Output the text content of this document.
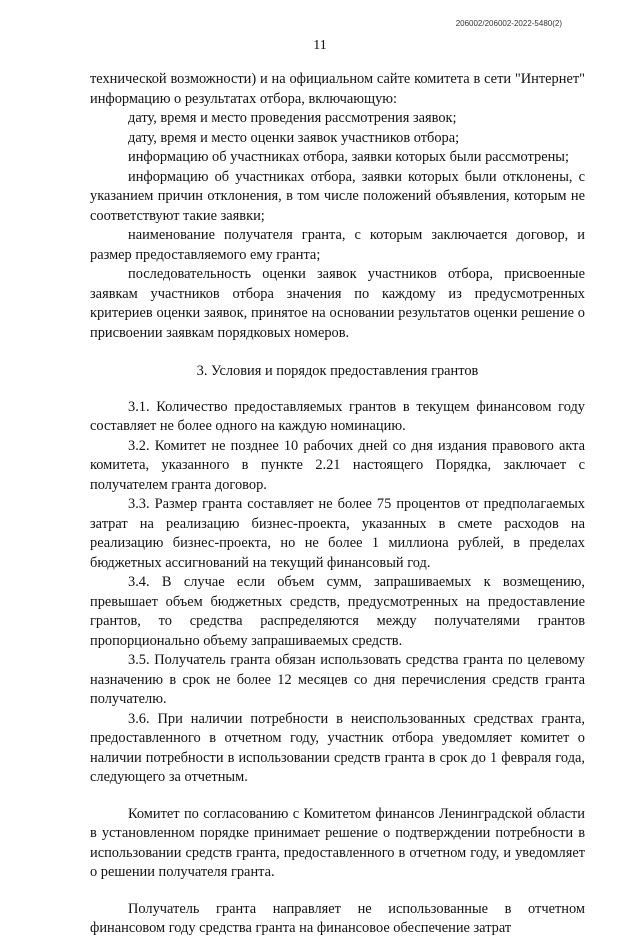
206002/206002-2022-5480(2)
11

технической возможности) и на официальном сайте комитета в сети "Интернет" информацию о результатах отбора, включающую:

дату, время и место проведения рассмотрения заявок;

дату, время и место оценки заявок участников отбора;

информацию об участниках отбора, заявки которых были рассмотрены;

информацию об участниках отбора, заявки которых были отклонены, с указанием причин отклонения, в том числе положений объявления, которым не соответствуют такие заявки;

наименование получателя гранта, с которым заключается договор, и размер предоставляемого ему гранта;

последовательность оценки заявок участников отбора, присвоенные заявкам участников отбора значения по каждому из предусмотренных критериев оценки заявок, принятое на основании результатов оценки решение о присвоении заявкам порядковых номеров.

3. Условия и порядок предоставления грантов

3.1. Количество предоставляемых грантов в текущем финансовом году составляет не более одного на каждую номинацию.

3.2. Комитет не позднее 10 рабочих дней со дня издания правового акта комитета, указанного в пункте 2.21 настоящего Порядка, заключает с получателем гранта договор.

3.3. Размер гранта составляет не более 75 процентов от предполагаемых затрат на реализацию бизнес-проекта, указанных в смете расходов на реализацию бизнес-проекта, но не более 1 миллиона рублей, в пределах бюджетных ассигнований на текущий финансовый год.

3.4. В случае если объем сумм, запрашиваемых к возмещению, превышает объем бюджетных средств, предусмотренных на предоставление грантов, то средства распределяются между получателями грантов пропорционально объему запрашиваемых средств.

3.5. Получатель гранта обязан использовать средства гранта по целевому назначению в срок не более 12 месяцев со дня перечисления средств гранта получателю.

3.6. При наличии потребности в неиспользованных средствах гранта, предоставленного в отчетном году, участник отбора уведомляет комитет о наличии потребности в использовании средств гранта в срок до 1 февраля года, следующего за отчетным.

Комитет по согласованию с Комитетом финансов Ленинградской области в установленном порядке принимает решение о подтверждении потребности в использовании средств гранта, предоставленного в отчетном году, и уведомляет о решении получателя гранта.

Получатель гранта направляет не использованные в отчетном финансовом году средства гранта на финансовое обеспечение затрат
